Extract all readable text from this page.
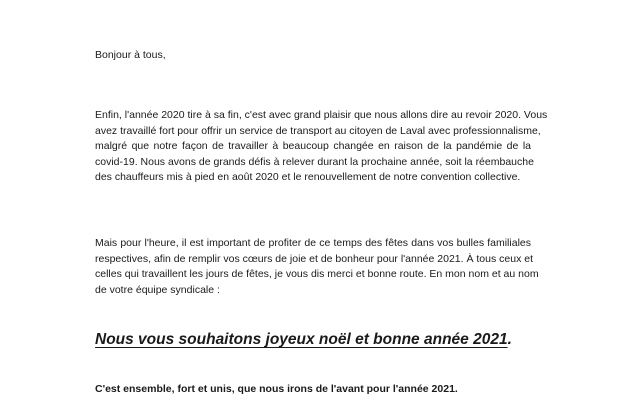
Bonjour à tous,
Enfin, l'année 2020 tire à sa fin, c'est avec grand plaisir que nous allons dire au revoir 2020. Vous
avez travaillé fort pour offrir un service de transport au citoyen de Laval avec professionnalisme,
malgré que notre façon de travailler à beaucoup changée en raison de la pandémie de la
covid-19. Nous avons de grands défis à relever durant la prochaine année, soit la réembauche
des chauffeurs mis à pied en août 2020 et le renouvellement de notre convention collective.
Mais pour l'heure, il est important de profiter de ce temps des fêtes dans vos bulles familiales
respectives, afin de remplir vos cœurs de joie et de bonheur pour l'année 2021. À tous ceux et
celles qui travaillent les jours de fêtes, je vous dis merci et bonne route. En mon nom et au nom
de votre équipe syndicale :
Nous vous souhaitons joyeux noël et bonne année 2021.
C'est ensemble, fort et unis, que nous irons de l'avant pour l'année 2021.
